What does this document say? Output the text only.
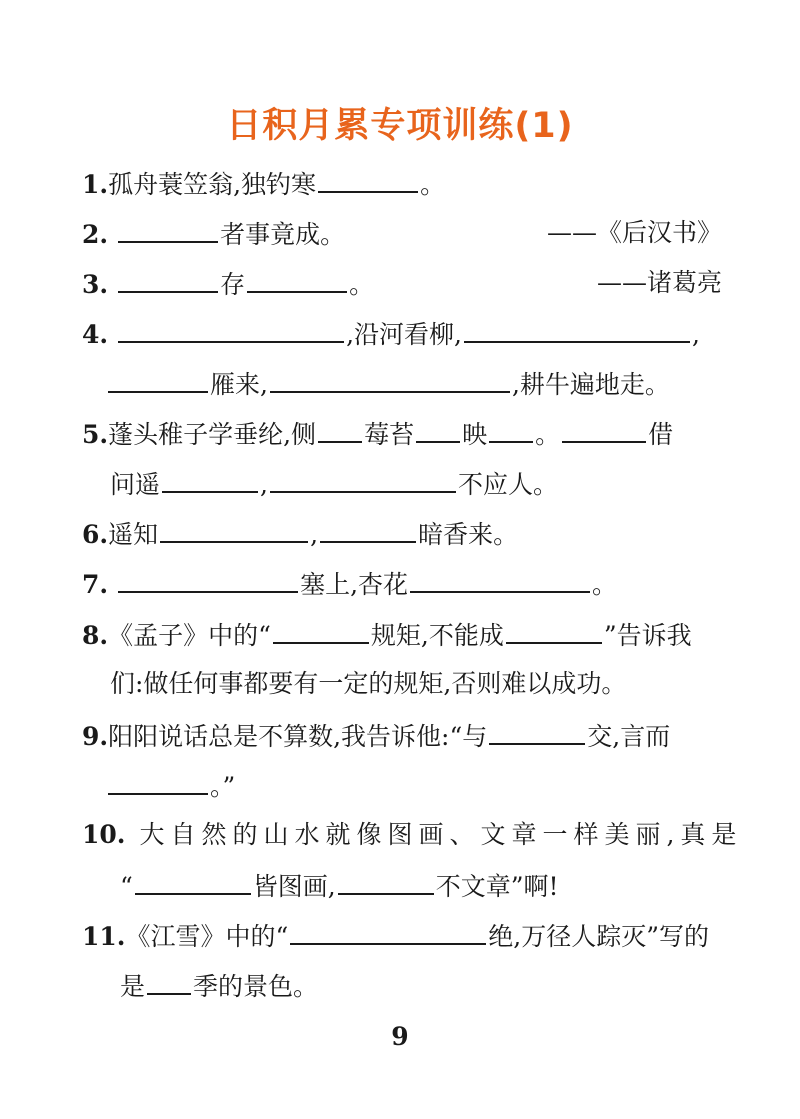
日积月累专项训练(1)
1.孤舟蓑笠翁,独钓寒	。
2.	者事竟成。	——《后汉书》
3.	存	。	——诸葛亮
4.	,沿河看柳,	,
雁来,	,耕牛遍地走。
5.蓬头稚子学垂纶,侧 莓苔 映 。	借
问遥	,	不应人。
6.遥知	,	暗香来。
7.	塞上,杏花	。
8.《孟子》中的“	规矩,不能成	”告诉我
们:做任何事都要有一定的规矩,否则难以成功。
9.阳阳说话总是不算数,我告诉他:“与	交,言而
。”
10. 大自然的山水就像图画、文章一样美丽,真是
“	皆图画,	不文章”啊!
11.《江雪》中的“	绝,万径人踪灭”写的
是 季的景色。
9
